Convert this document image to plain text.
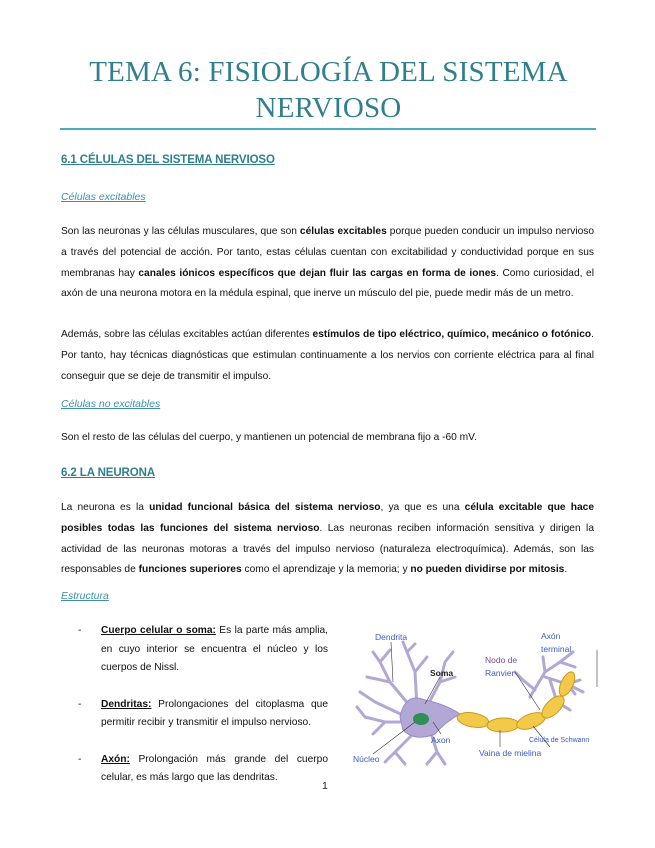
TEMA 6: FISIOLOGÍA DEL SISTEMA
NERVIOSO
6.1 CÉLULAS DEL SISTEMA NERVIOSO
Células excitables

Son las neuronas y las células musculares, que son células excitables porque pueden conducir un impulso nervioso a través del potencial de acción. Por tanto, estas células cuentan con excitabilidad y conductividad porque en sus membranas hay canales iónicos específicos que dejan fluir las cargas en forma de iones. Como curiosidad, el axón de una neurona motora en la médula espinal, que inerve un músculo del pie, puede medir más de un metro.

Además, sobre las células excitables actúan diferentes estímulos de tipo eléctrico, químico, mecánico o fotónico. Por tanto, hay técnicas diagnósticas que estimulan continuamente a los nervios con corriente eléctrica para al final conseguir que se deje de transmitir el impulso.

Células no excitables

Son el resto de las células del cuerpo, y mantienen un potencial de membrana fijo a -60 mV.

6.2 LA NEURONA

La neurona es la unidad funcional básica del sistema nervioso, ya que es una célula excitable que hace posibles todas las funciones del sistema nervioso. Las neuronas reciben información sensitiva y dirigen la actividad de las neuronas motoras a través del impulso nervioso (naturaleza electroquímica). Además, son las responsables de funciones superiores como el aprendizaje y la memoria; y no pueden dividirse por mitosis.

Estructura
- Cuerpo celular o soma: Es la parte más amplia, en cuyo interior se encuentra el núcleo y los cuerpos de Nissl.
- Dendritas: Prolongaciones del citoplasma que permitir recibir y transmitir el impulso nervioso.
- Axón: Prolongación más grande del cuerpo celular, es más largo que las dendritas.
Dendrita
Soma
Núcleo
Axon
Nodo de
Ranvier
Axón
terminal
Célula de Schwann
Vaina de mielina
1
